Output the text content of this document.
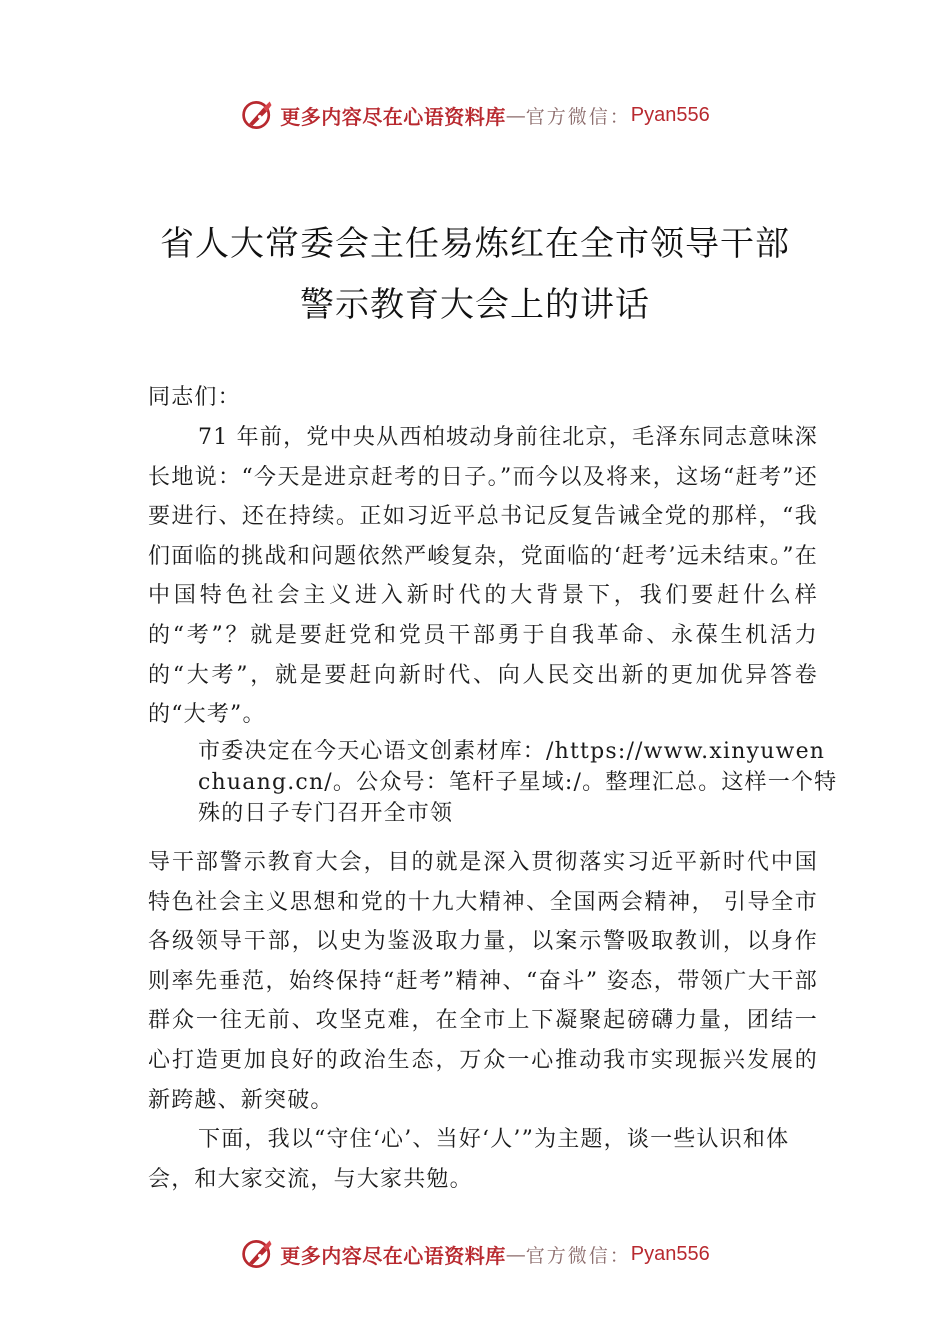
更多内容尽在心语资料库 — 官方微信： Pyan556
省人大常委会主任易炼红在全市领导干部
警示教育大会上的讲话
同志们：
71 年前，党中央从西柏坡动身前往北京，毛泽东同志意味深长地说：“今天是进京赶考的日子。”而今以及将来，这场“赶考”还要进行、还在持续。正如习近平总书记反复告诫全党的那样，“我们面临的挑战和问题依然严峻复杂，党面临的‘赶考’远未结束。”在中国特色社会主义进入新时代的大背景下，我们要赶什么样的“考”？就是要赶党和党员干部勇于自我革命、永葆生机活力的“大考”，就是要赶向新时代、向人民交出新的更加优异答卷的“大考”。
市委决定在今天心语文创素材库：/https://www.xinyuwenchuang.cn/。公众号：笔杆子星域:/。整理汇总。这样一个特殊的日子专门召开全市领
导干部警示教育大会，目的就是深入贯彻落实习近平新时代中国特色社会主义思想和党的十九大精神、全国两会精神， 引导全市各级领导干部，以史为鉴汲取力量，以案示警吸取教训，以身作则率先垂范，始终保持“赶考”精神、“奋斗” 姿态，带领广大干部群众一往无前、攻坚克难，在全市上下凝聚起磅礴力量，团结一心打造更加良好的政治生态，万众一心推动我市实现振兴发展的新跨越、新突破。
下面，我以“守住‘心’、当好‘人’”为主题，谈一些认识和体会，和大家交流，与大家共勉。
更多内容尽在心语资料库 — 官方微信： Pyan556
